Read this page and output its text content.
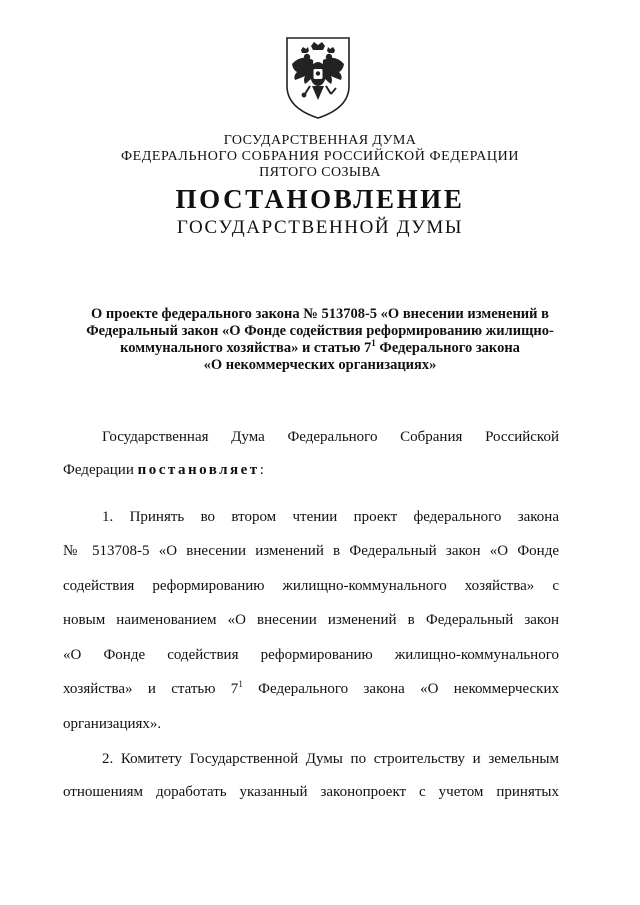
ГОСУДАРСТВЕННАЯ ДУМА
ФЕДЕРАЛЬНОГО СОБРАНИЯ РОССИЙСКОЙ ФЕДЕРАЦИИ
ПЯТОГО СОЗЫВА
ПОСТАНОВЛЕНИЕ
ГОСУДАРСТВЕННОЙ ДУМЫ
О проекте федерального закона № 513708-5 «О внесении изменений в
Федеральный закон «О Фонде содействия реформированию жилищно-
коммунального хозяйства» и статью $7^1$ Федерального закона
«О некоммерческих организациях»
Государственная Дума Федерального Собрания Российской
Федерации постановляет:
1. Принять во втором чтении проект федерального закона
№ 513708-5 «О внесении изменений в Федеральный закон «О Фонде
содействия реформированию жилищно-коммунального хозяйства» с
новым наименованием «О внесении изменений в Федеральный закон
«О Фонде содействия реформированию жилищно-коммунального
хозяйства» и статью $7^1$ Федерального закона «О некоммерческих
организациях».
2. Комитету Государственной Думы по строительству и земельным
отношениям доработать указанный законопроект с учетом принятых
